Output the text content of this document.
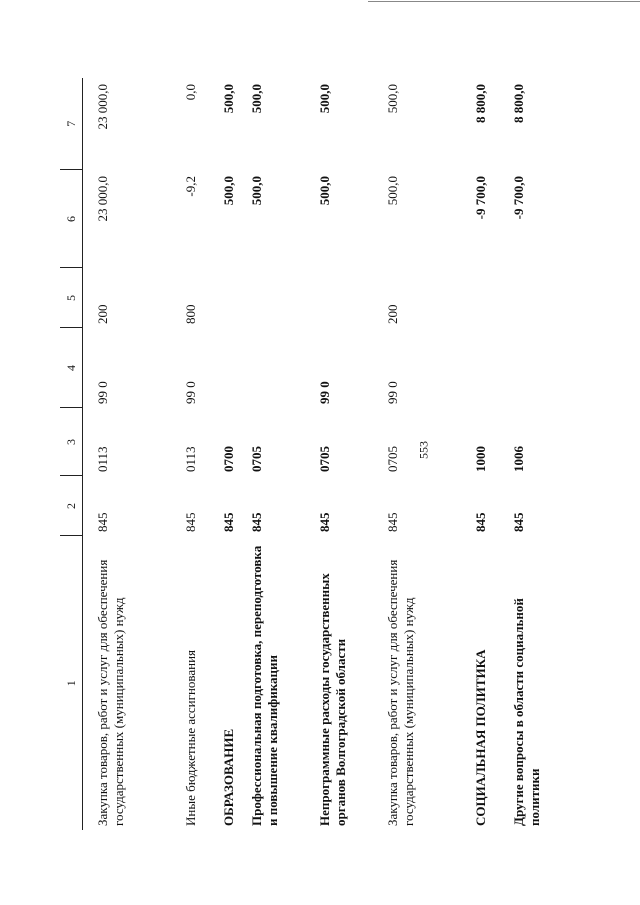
553
1	2	3	4	5	6	7
Закупка товаров, работ и услуг для обеспечения государственных (муниципальных) нужд	845	0113	99 0	200	23 000,0	23 000,0
Иные бюджетные ассигнования	845	0113	99 0	800	-9,2	0,0
ОБРАЗОВАНИЕ	845	0700			500,0	500,0
Профессиональная подготовка, переподготовка и повышение квалификации	845	0705			500,0	500,0
Непрограммные расходы государственных органов Волгоградской области	845	0705	99 0		500,0	500,0
Закупка товаров, работ и услуг для обеспечения государственных (муниципальных) нужд	845	0705	99 0	200	500,0	500,0
СОЦИАЛЬНАЯ ПОЛИТИКА	845	1000			-9 700,0	8 800,0
Другие вопросы в области социальной политики	845	1006			-9 700,0	8 800,0
